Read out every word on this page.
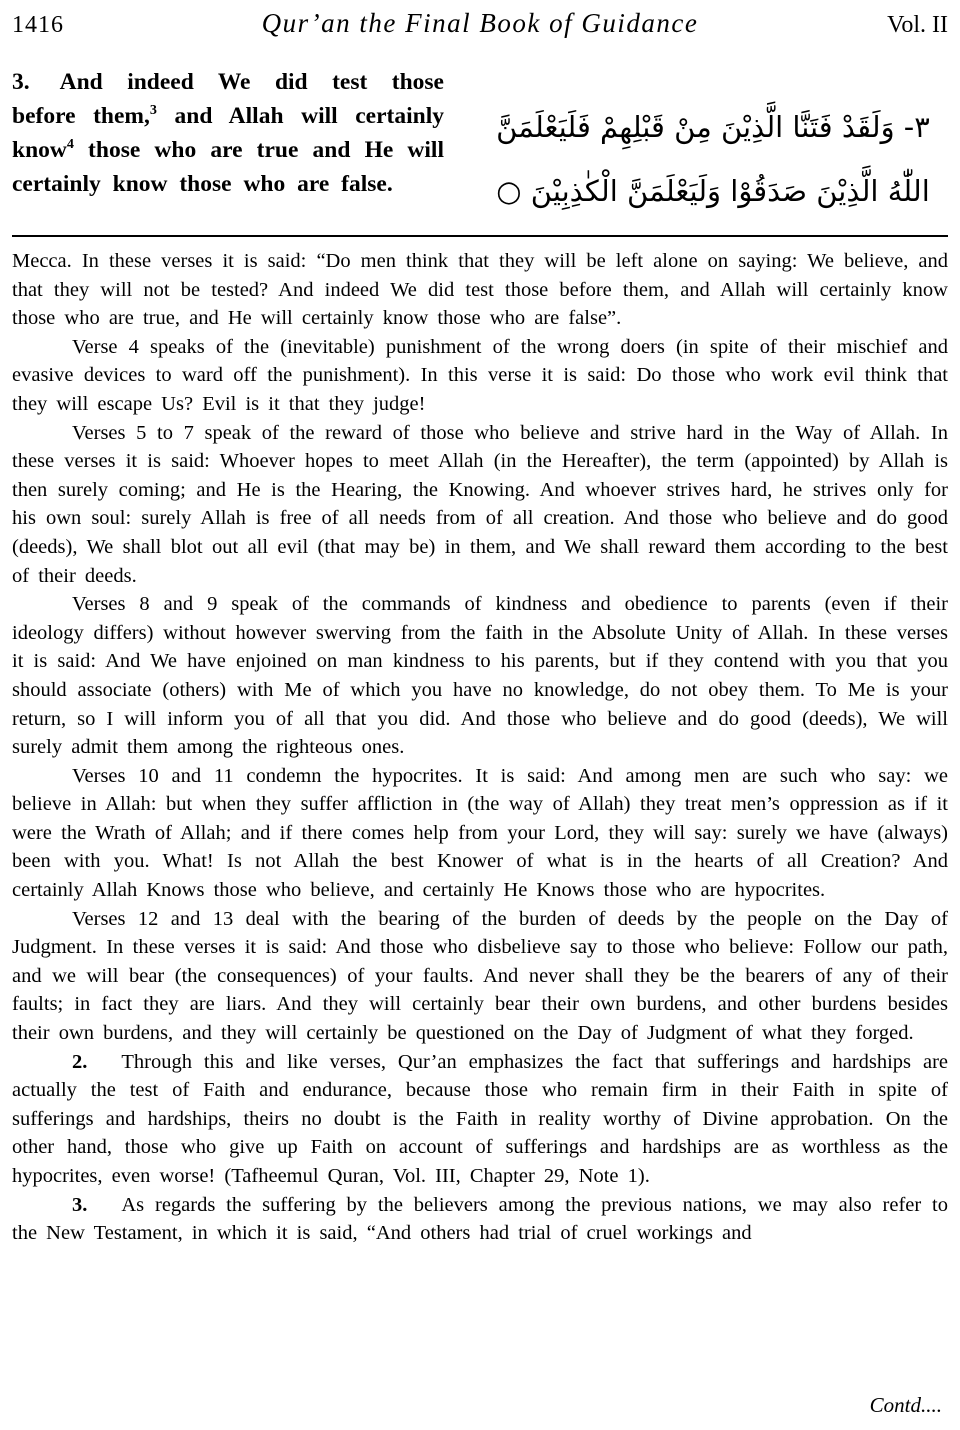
1416	Qur’an the Final Book of Guidance	Vol. II
3. And indeed We did test those before them,$^3$ and Allah will certainly know$^4$ those who are true and He will certainly know those who are false.
٣- وَلَقَدْ فَتَنَّا الَّذِيْنَ مِنْ قَبْلِهِمْ فَلَيَعْلَمَنَّ
اللّٰهُ الَّذِيْنَ صَدَقُوْا وَلَيَعْلَمَنَّ الْكٰذِبِيْنَ ○

Mecca. In these verses it is said: “Do men think that they will be left alone on saying: We believe, and that they will not be tested? And indeed We did test those before them, and Allah will certainly know those who are true, and He will certainly know those who are false”.

Verse 4 speaks of the (inevitable) punishment of the wrong doers (in spite of their mischief and evasive devices to ward off the punishment). In this verse it is said: Do those who work evil think that they will escape Us? Evil is it that they judge!

Verses 5 to 7 speak of the reward of those who believe and strive hard in the Way of Allah. In these verses it is said: Whoever hopes to meet Allah (in the Hereafter), the term (appointed) by Allah is then surely coming; and He is the Hearing, the Knowing. And whoever strives hard, he strives only for his own soul: surely Allah is free of all needs from of all creation. And those who believe and do good (deeds), We shall blot out all evil (that may be) in them, and We shall reward them according to the best of their deeds.

Verses 8 and 9 speak of the commands of kindness and obedience to parents (even if their ideology differs) without however swerving from the faith in the Absolute Unity of Allah. In these verses it is said: And We have enjoined on man kindness to his parents, but if they contend with you that you should associate (others) with Me of which you have no knowledge, do not obey them. To Me is your return, so I will inform you of all that you did. And those who believe and do good (deeds), We will surely admit them among the righteous ones.

Verses 10 and 11 condemn the hypocrites. It is said: And among men are such who say: we believe in Allah: but when they suffer affliction in (the way of Allah) they treat men’s oppression as if it were the Wrath of Allah; and if there comes help from your Lord, they will say: surely we have (always) been with you. What! Is not Allah the best Knower of what is in the hearts of all Creation? And certainly Allah Knows those who believe, and certainly He Knows those who are hypocrites.

Verses 12 and 13 deal with the bearing of the burden of deeds by the people on the Day of Judgment. In these verses it is said: And those who disbelieve say to those who believe: Follow our path, and we will bear (the consequences) of your faults. And never shall they be the bearers of any of their faults; in fact they are liars. And they will certainly bear their own burdens, and other burdens besides their own burdens, and they will certainly be questioned on the Day of Judgment of what they forged.

2. Through this and like verses, Qur’an emphasizes the fact that sufferings and hardships are actually the test of Faith and endurance, because those who remain firm in their Faith in spite of sufferings and hardships, theirs no doubt is the Faith in reality worthy of Divine approbation. On the other hand, those who give up Faith on account of sufferings and hardships are as worthless as the hypocrites, even worse! (Tafheemul Quran, Vol. III, Chapter 29, Note 1).

3. As regards the suffering by the believers among the previous nations, we may also refer to the New Testament, in which it is said, “And others had trial of cruel workings and

Contd....
